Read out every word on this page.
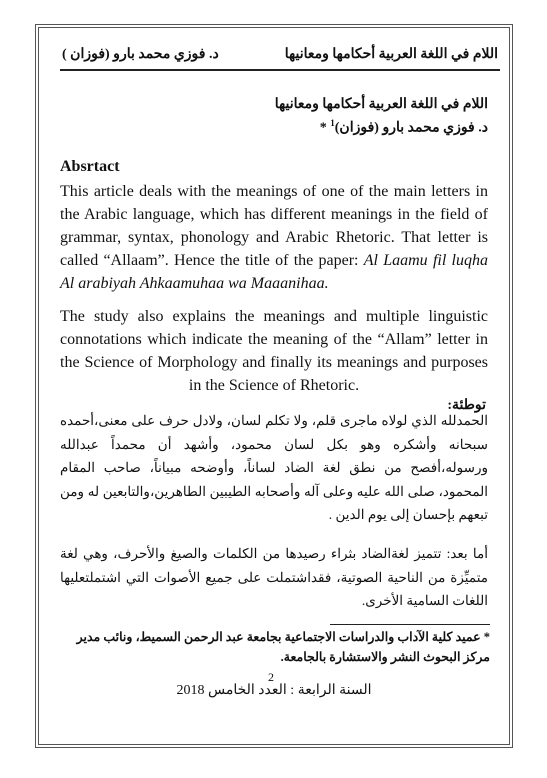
اللام في اللغة العربية أحكامها ومعانيها
د. فوزي محمد بارو (فوزان )
اللام في اللغة العربية أحكامها ومعانيها
د. فوزي محمد بارو (فوزان)$^1$ *
Absrtact
This article deals with the meanings of one of the main letters in the Arabic language, which has different meanings in the field of grammar, syntax, phonology and Arabic Rhetoric. That letter is called “Allaam”. Hence the title of the paper: Al Laamu fil luqha Al arabiyah Ahkaamuhaa wa Maaanihaa.
The study also explains the meanings and multiple linguistic connotations which indicate the meaning of the “Allam” letter in the Science of Morphology and finally its meanings and purposes in the Science of Rhetoric.
توطئة:
الحمدلله الذي لولاه ماجرى قلم، ولا تكلم لسان، ولادل حرف على معنى،أحمده سبحانه وأشكره وهو بكل لسان محمود، وأشهد أن محمداً عبدالله ورسوله،أفصح من نطق لغة الضاد لساناً، وأوضحه مبياناً، صاحب المقام المحمود، صلى الله عليه وعلى آله وأصحابه الطيبين الطاهرين،والتابعين له ومن تبعهم بإحسان إلى يوم الدين .
أما بعد: تتميز لغةالضاد بثراء رصيدها من الكلمات والصيغ والأحرف، وهي لغة متميِّزة من الناحية الصوتية، فقداشتملت على جميع الأصوات التي اشتملتعليها اللغات السامية الأخرى.
* عميد كلية الآداب والدراسات الاجتماعية بجامعة عبد الرحمن السميط، ونائب مدير مركز البحوث النشر والاستشارة بالجامعة.
2
السنة الرابعة : العدد الخامس 2018
